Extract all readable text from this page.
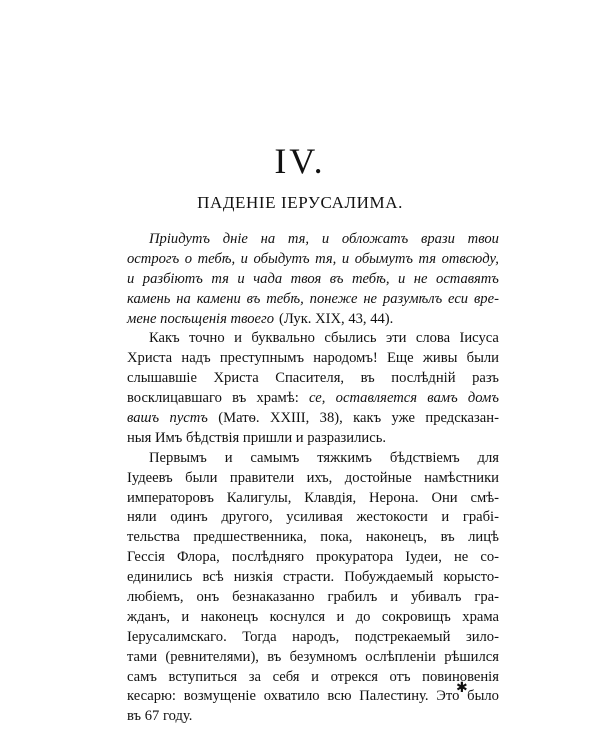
IV.
ПАДЕНІЕ ІЕРУСАЛИМА.
Пріидутъ дніе на тя, и обложатъ врази твои
острогъ о тебѣ, и обыдутъ тя, и обымутъ тя отвсюду,
и разбіютъ тя и чада твоя въ тебѣ, и не оставятъ
камень на камени въ тебѣ, понеже не разумѣлъ еси вре-
мене посѣщенія твоего (Лук. XIX, 43, 44).
Какъ точно и буквально сбылись эти слова Іисуса
Христа надъ преступнымъ народомъ! Еще живы были
слышавшіе Христа Спасителя, въ послѣдній разъ
восклицавшаго въ храмѣ: се, оставляется вамъ домъ
вашъ пустъ (Матѳ. XXIII, 38), какъ уже предсказан-
ныя Имъ бѣдствія пришли и разразились.
Первымъ и самымъ тяжкимъ бѣдствіемъ для
Іудеевъ были правители ихъ, достойные намѣстники
императоровъ Калигулы, Клавдія, Нерона. Они смѣ-
няли одинъ другого, усиливая жестокости и грабі-
тельства предшественника, пока, наконецъ, въ лицѣ
Гессія Флора, послѣдняго прокуратора Іудеи, не со-
единились всѣ низкія страсти. Побуждаемый корысто-
любіемъ, онъ безнаказанно грабилъ и убивалъ гра-
жданъ, и наконецъ коснулся и до сокровищъ храма
Іерусалимскаго. Тогда народъ, подстрекаемый зило-
тами (ревнителями), въ безумномъ ослѣпленіи рѣшился
самъ вступиться за себя и отрекся отъ повиновенія
кесарю: возмущеніе охватило всю Палестину. Это было
въ 67 году.
✱
